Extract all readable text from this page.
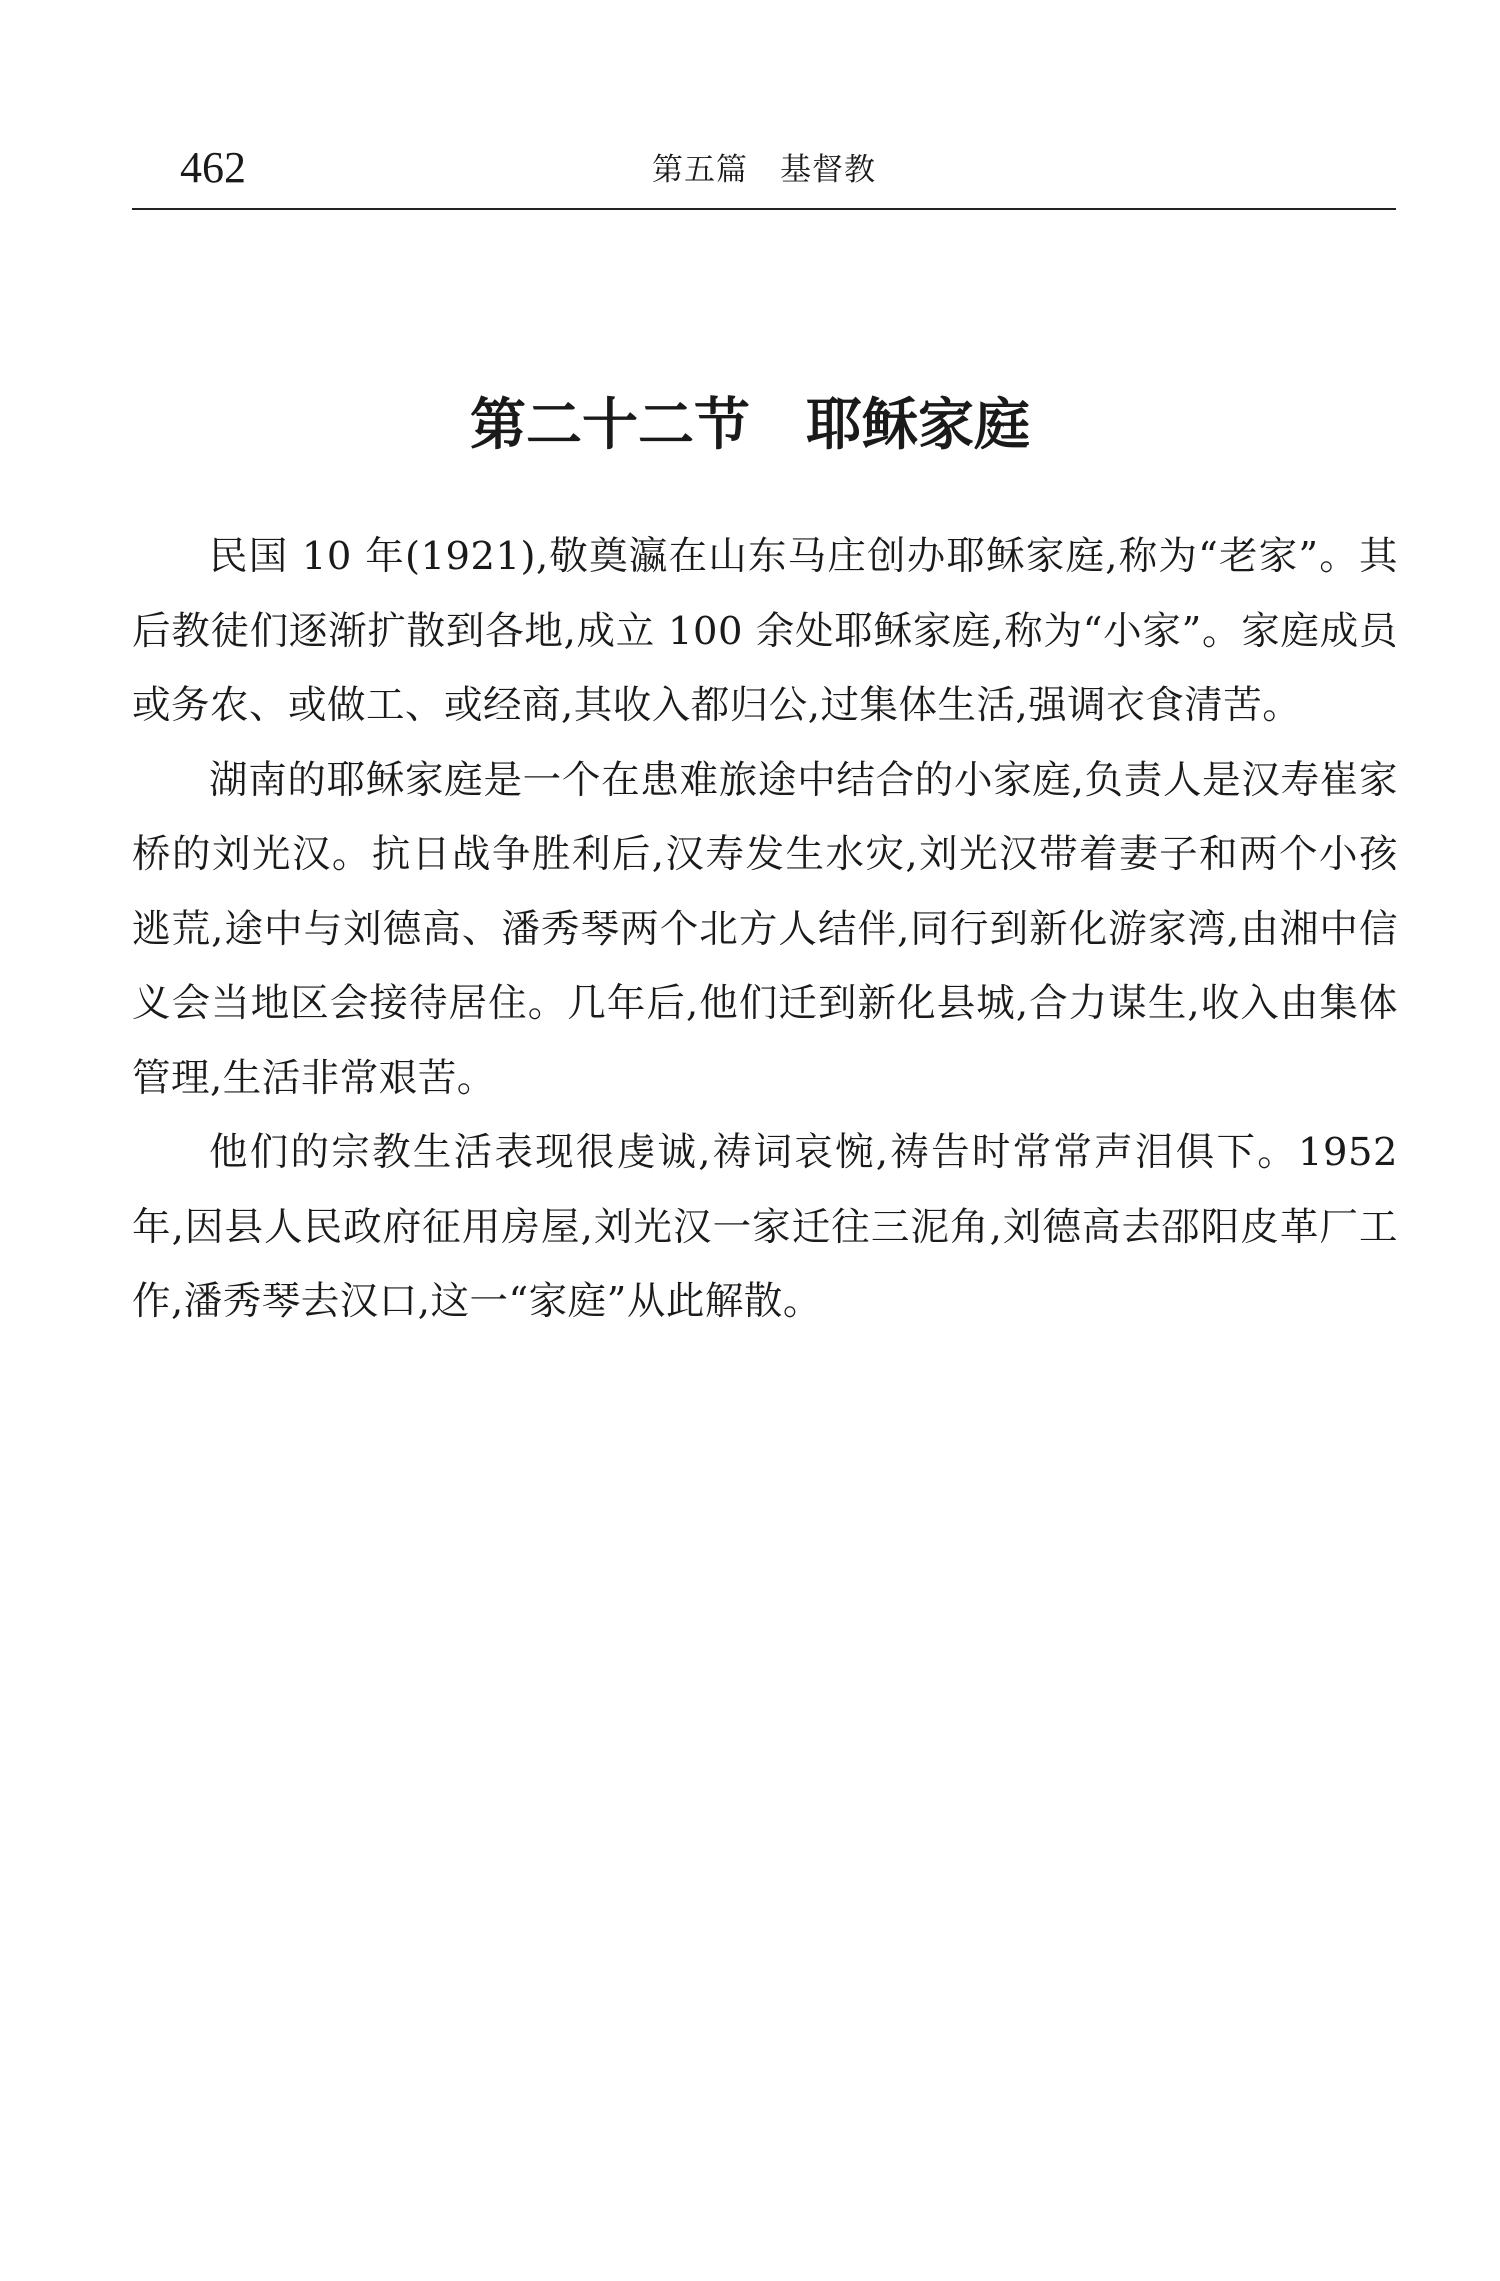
462	第五篇　基督教
第二十二节 耶稣家庭

民国 10 年(1921),敬奠瀛在山东马庄创办耶稣家庭,称为“老家”。其后教徒们逐渐扩散到各地,成立 100 余处耶稣家庭,称为“小家”。家庭成员或务农、或做工、或经商,其收入都归公,过集体生活,强调衣食清苦。

湖南的耶稣家庭是一个在患难旅途中结合的小家庭,负责人是汉寿崔家桥的刘光汉。抗日战争胜利后,汉寿发生水灾,刘光汉带着妻子和两个小孩逃荒,途中与刘德高、潘秀琴两个北方人结伴,同行到新化游家湾,由湘中信义会当地区会接待居住。几年后,他们迁到新化县城,合力谋生,收入由集体管理,生活非常艰苦。

他们的宗教生活表现很虔诚,祷词哀惋,祷告时常常声泪俱下。1952 年,因县人民政府征用房屋,刘光汉一家迁往三泥角,刘德高去邵阳皮革厂工作,潘秀琴去汉口,这一“家庭”从此解散。
